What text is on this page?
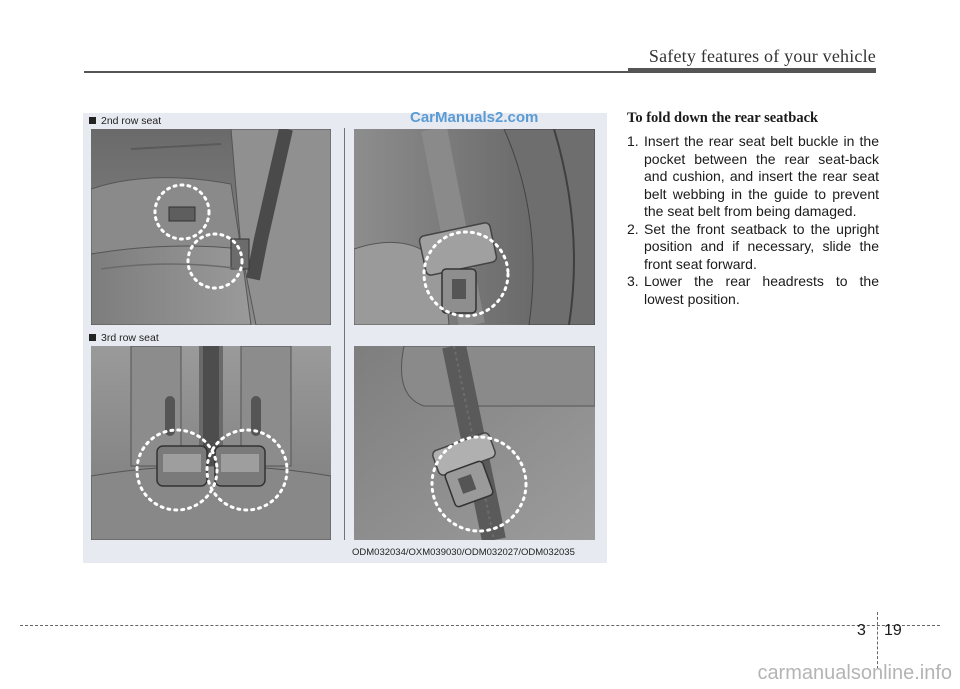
Safety features of your vehicle
2nd row seat	CarManuals2.com
3rd row seat
ODM032034/OXM039030/ODM032027/ODM032035
To fold down the rear seatback
1. Insert the rear seat belt buckle in the pocket between the rear seat-back and cushion, and insert the rear seat belt webbing in the guide to prevent the seat belt from being damaged.
2. Set the front seatback to the upright position and if necessary, slide the front seat forward.
3. Lower the rear headrests to the lowest position.
3 19
carmanualsonline.info
